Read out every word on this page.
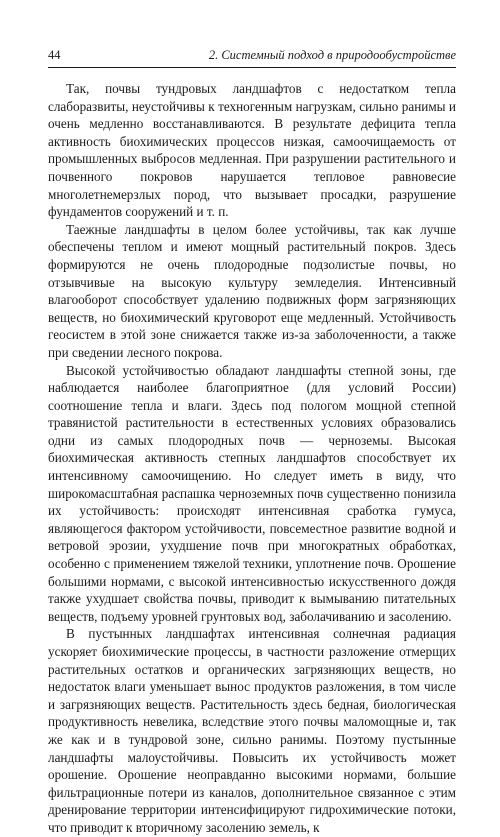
44	2. Системный подход в природообустройстве

Так, почвы тундровых ландшафтов с недостатком тепла слаборазвиты, неустойчивы к техногенным нагрузкам, сильно ранимы и очень медленно восстанавливаются. В результате дефицита тепла активность биохимических процессов низкая, самоочищаемость от промышленных выбросов медленная. При разрушении растительного и почвенного покровов нарушается тепловое равновесие многолетнемерзлых пород, что вызывает просадки, разрушение фундаментов сооружений и т. п.

Таежные ландшафты в целом более устойчивы, так как лучше обеспечены теплом и имеют мощный растительный покров. Здесь формируются не очень плодородные подзолистые почвы, но отзывчивые на высокую культуру земледелия. Интенсивный влагооборот способствует удалению подвижных форм загрязняющих веществ, но биохимический круговорот еще медленный. Устойчивость геосистем в этой зоне снижается также из-за заболоченности, а также при сведении лесного покрова.

Высокой устойчивостью обладают ландшафты степной зоны, где наблюдается наиболее благоприятное (для условий России) соотношение тепла и влаги. Здесь под пологом мощной степной травянистой растительности в естественных условиях образовались одни из самых плодородных почв — черноземы. Высокая биохимическая активность степных ландшафтов способствует их интенсивному самоочищению. Но следует иметь в виду, что широкомасштабная распашка черноземных почв существенно понизила их устойчивость: происходят интенсивная сработка гумуса, являющегося фактором устойчивости, повсеместное развитие водной и ветровой эрозии, ухудшение почв при многократных обработках, особенно с применением тяжелой техники, уплотнение почв. Орошение большими нормами, с высокой интенсивностью искусственного дождя также ухудшает свойства почвы, приводит к вымыванию питательных веществ, подъему уровней грунтовых вод, заболачиванию и засолению.

В пустынных ландшафтах интенсивная солнечная радиация ускоряет биохимические процессы, в частности разложение отмерщих растительных остатков и органических загрязняющих веществ, но недостаток влаги уменьшает вынос продуктов разложения, в том числе и загрязняющих веществ. Растительность здесь бедная, биологическая продуктивность невелика, вследствие этого почвы маломощные и, так же как и в тундровой зоне, сильно ранимы. Поэтому пустынные ландшафты малоустойчивы. Повысить их устойчивость может орошение. Орошение неоправданно высокими нормами, большие фильтрационные потери из каналов, дополнительное связанное с этим дренирование территории интенсифицируют гидрохимические потоки, что приводит к вторичному засолению земель, к
